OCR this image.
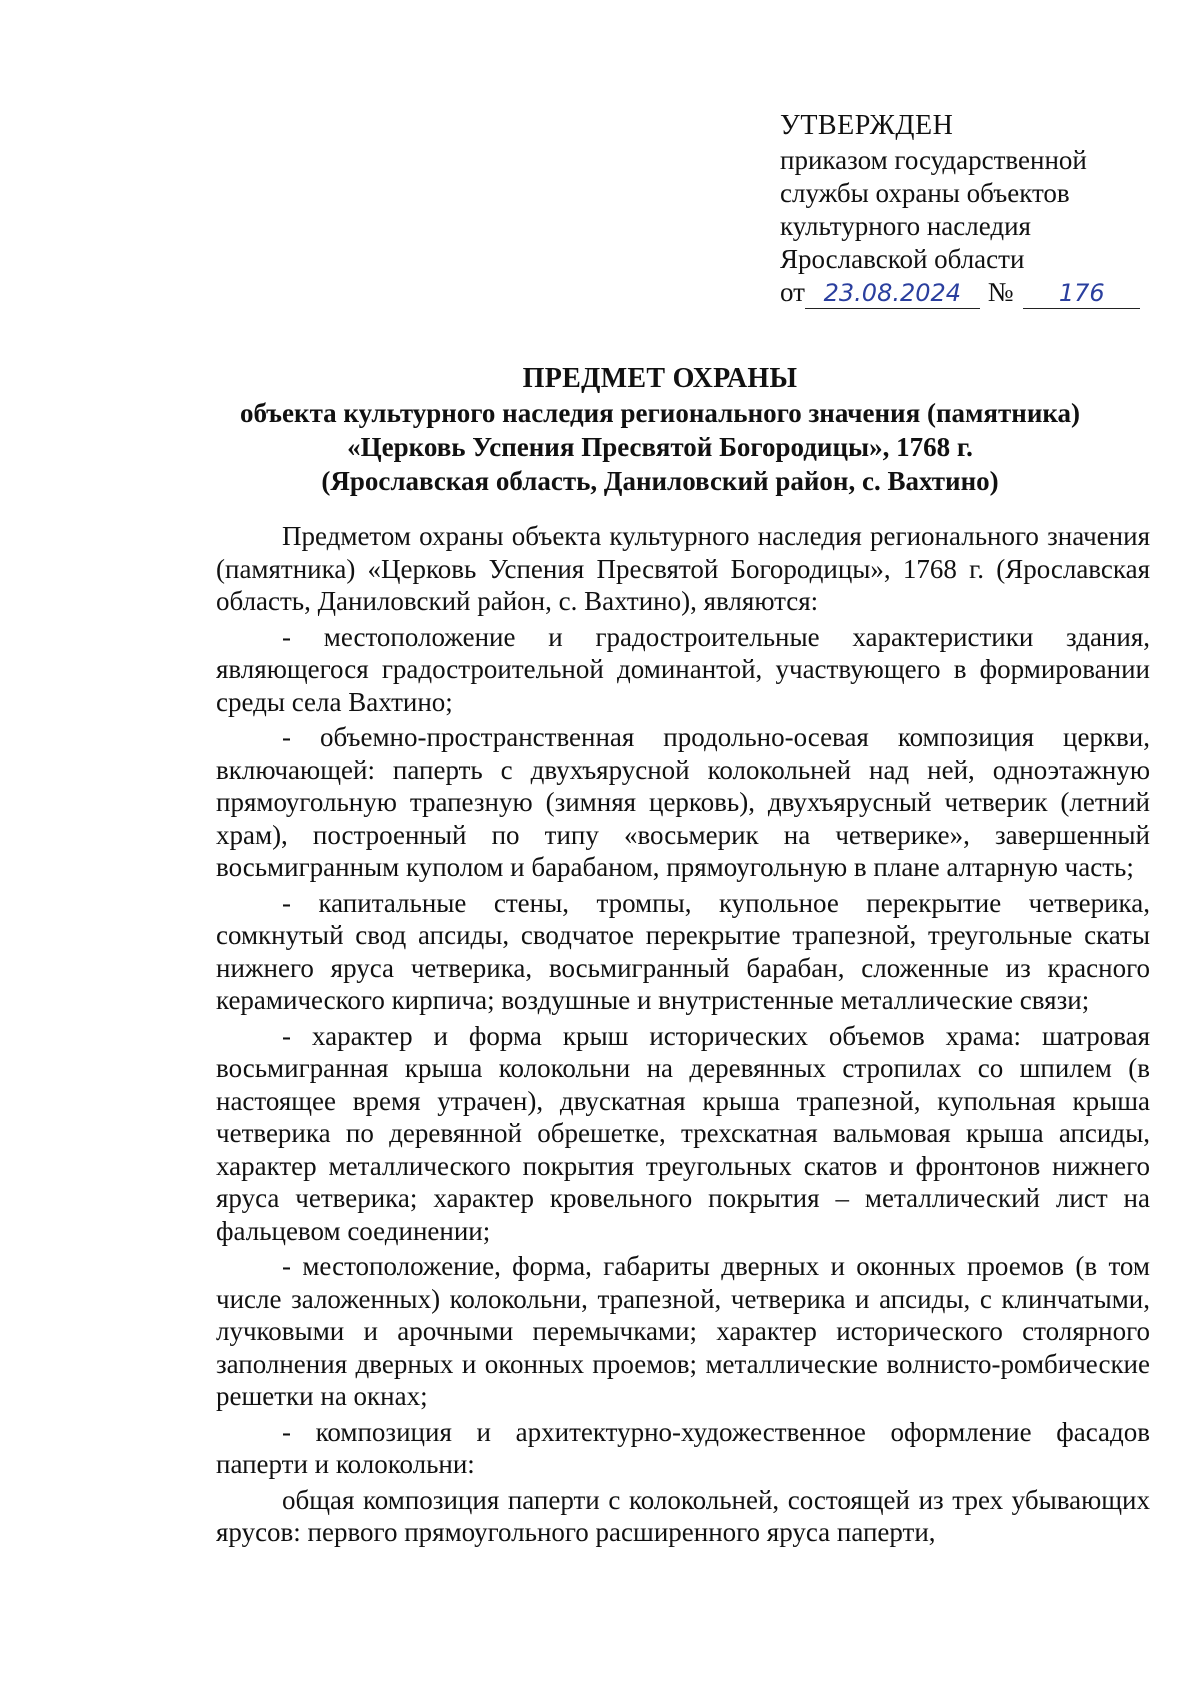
УТВЕРЖДЕН
приказом государственной
службы охраны объектов
культурного наследия
Ярославской области
от 23.08.2024 №	176
ПРЕДМЕТ ОХРАНЫ
объекта культурного наследия регионального значения (памятника)
«Церковь Успения Пресвятой Богородицы», 1768 г.
(Ярославская область, Даниловский район, с. Вахтино)

Предметом охраны объекта культурного наследия регионального значения (памятника) «Церковь Успения Пресвятой Богородицы», 1768 г. (Ярославская область, Даниловский район, с. Вахтино), являются:

- местоположение и градостроительные характеристики здания, являющегося градостроительной доминантой, участвующего в формировании среды села Вахтино;

- объемно-пространственная продольно-осевая композиция церкви, включающей: паперть с двухъярусной колокольней над ней, одноэтажную прямоугольную трапезную (зимняя церковь), двухъярусный четверик (летний храм), построенный по типу «восьмерик на четверике», завершенный восьмигранным куполом и барабаном, прямоугольную в плане алтарную часть;

- капитальные стены, тромпы, купольное перекрытие четверика, сомкнутый свод апсиды, сводчатое перекрытие трапезной, треугольные скаты нижнего яруса четверика, восьмигранный барабан, сложенные из красного керамического кирпича; воздушные и внутристенные металлические связи;

- характер и форма крыш исторических объемов храма: шатровая восьмигранная крыша колокольни на деревянных стропилах со шпилем (в настоящее время утрачен), двускатная крыша трапезной, купольная крыша четверика по деревянной обрешетке, трехскатная вальмовая крыша апсиды, характер металлического покрытия треугольных скатов и фронтонов нижнего яруса четверика; характер кровельного покрытия – металлический лист на фальцевом соединении;

- местоположение, форма, габариты дверных и оконных проемов (в том числе заложенных) колокольни, трапезной, четверика и апсиды, с клинчатыми, лучковыми и арочными перемычками; характер исторического столярного заполнения дверных и оконных проемов; металлические волнисто-ромбические решетки на окнах;

- композиция и архитектурно-художественное оформление фасадов паперти и колокольни:

общая композиция паперти с колокольней, состоящей из трех убывающих ярусов: первого прямоугольного расширенного яруса паперти,
